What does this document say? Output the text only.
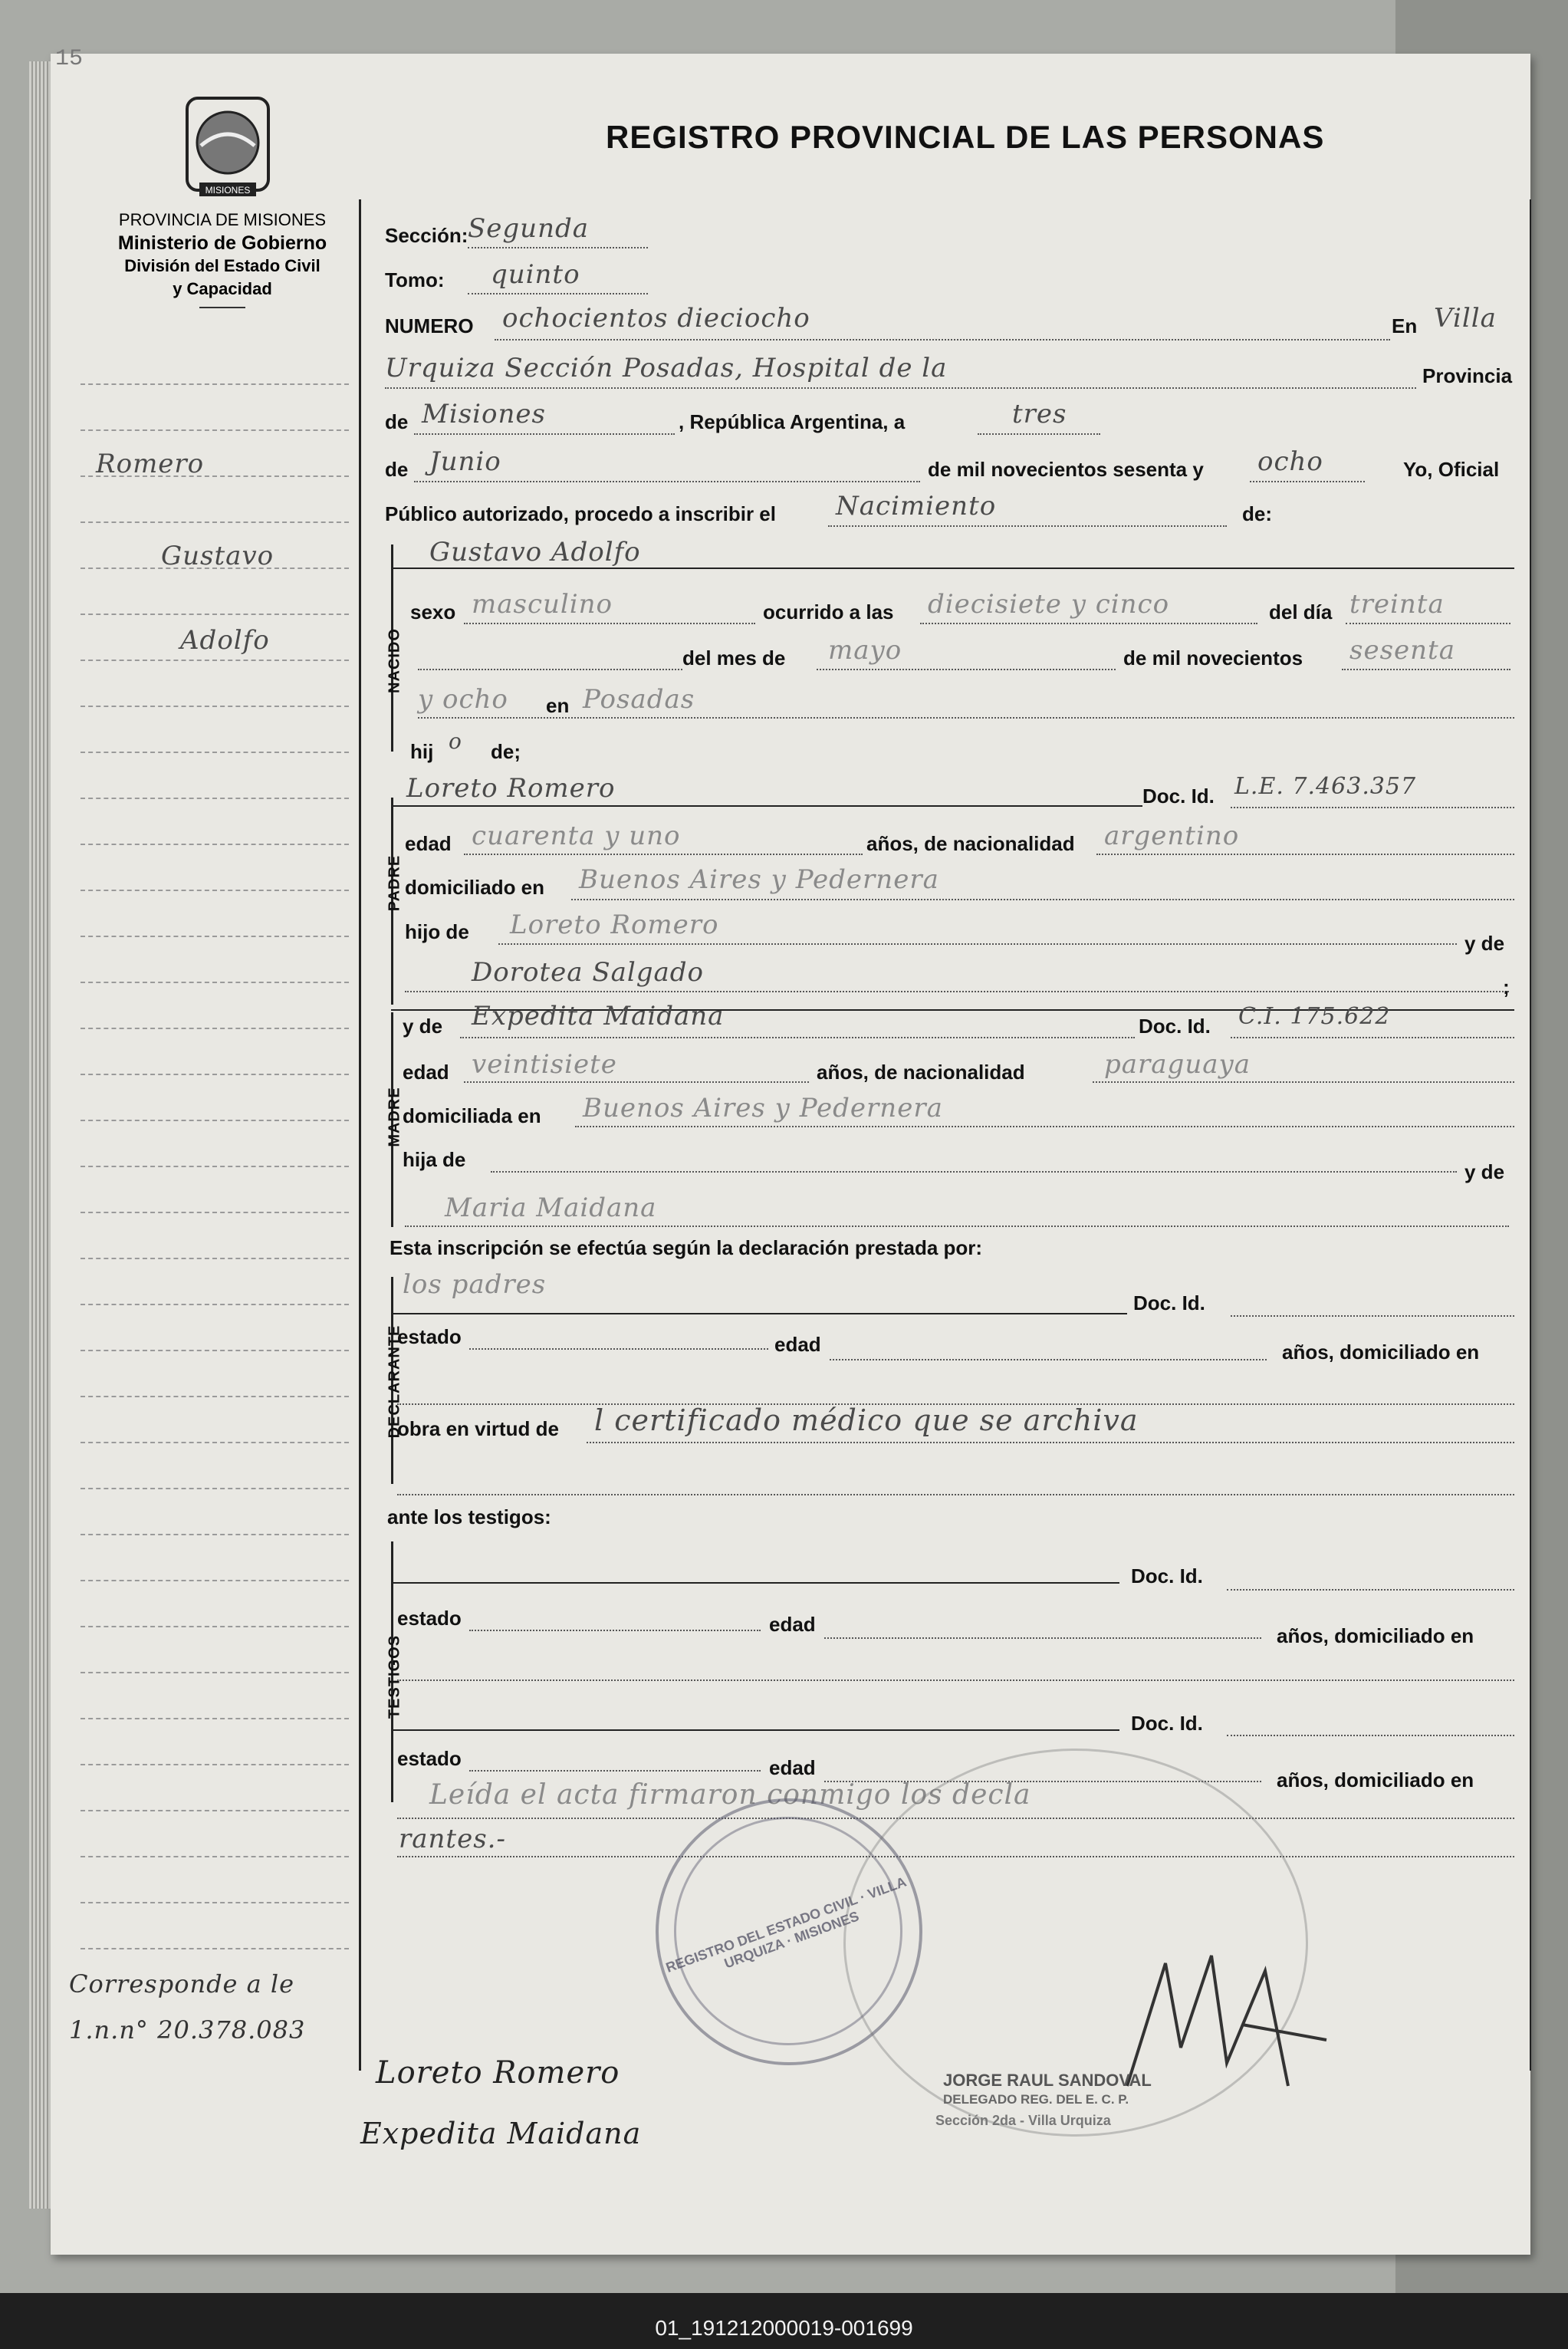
15
MISIONES
REGISTRO PROVINCIAL DE LAS PERSONAS
PROVINCIA DE MISIONES
Ministerio de Gobierno
División del Estado Civil
y Capacidad
Romero
Gustavo
Adolfo
Corresponde a le
1.n.n° 20.378.083
Sección: Segunda
Tomo: quinto
NUMERO ochocientos dieciocho	En Villa
Urquiza Sección Posadas, Hospital de la	Provincia
de Misiones	, República Argentina, a	tres
de Junio	de mil novecientos sesenta y ocho	Yo, Oficial
Público autorizado, procedo a inscribir el Nacimiento	de:
NACIDO
Gustavo Adolfo
sexo masculino	ocurrido a las diecisiete y cinco	del día treinta
del mes de mayo	de mil novecientos sesenta
y ocho en Posadas
hij o de;
PADRE
Loreto Romero	Doc. Id. L.E. 7.463.357
edad cuarenta y uno	años, de nacionalidad argentino
domiciliado en Buenos Aires y Pedernera
hijo de Loreto Romero
y de
Dorotea Salgado	;
MADRE
y de Expedita Maidana	Doc. Id. C.I. 175.622
edad veintisiete	años, de nacionalidad	paraguaya
domiciliada en Buenos Aires y Pedernera
hija de
y de
Maria Maidana
Esta inscripción se efectúa según la declaración prestada por:
DECLARANTE
los padres
Doc. Id.
estado	edad	años, domiciliado en
obra en virtud de l certificado médico que se archiva
ante los testigos:
TESTIGOS
Doc. Id.
estado	edad	años, domiciliado en
Doc. Id.
estado	edad
años, domiciliado en
Leída el acta firmaron conmigo los decla
rantes.-
REGISTRO DEL ESTADO CIVIL · VILLA URQUIZA · MISIONES
JORGE RAUL SANDOVAL
DELEGADO REG. DEL E. C. P.
Sección 2da - Villa Urquiza
Loreto Romero
Expedita Maidana
01_191212000019-001699
